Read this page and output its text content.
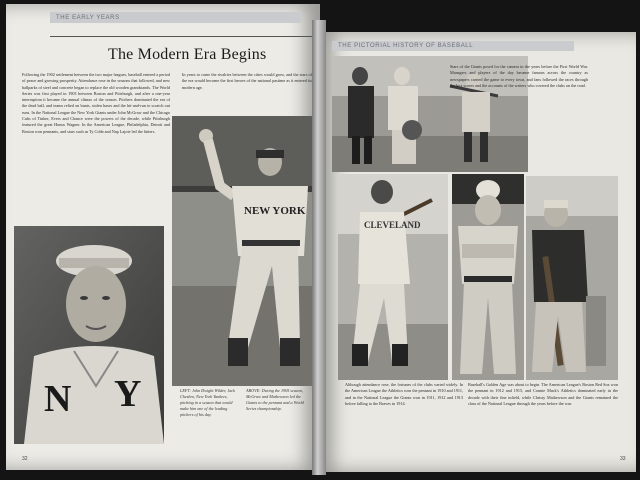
THE EARLY YEARS
THE PICTORIAL HISTORY OF BASEBALL
The Modern Era Begins
Following the 1902 settlement between the two major leagues, baseball entered a period of peace and growing prosperity. Attendance rose in the seasons that followed, and new ballparks of steel and concrete began to replace the old wooden grandstands. The World Series was first played in 1903 between Boston and Pittsburgh, and after a one-year interruption it became the annual climax of the season. Pitchers dominated the era of the dead ball, and teams relied on bunts, stolen bases and the hit-and-run to scratch out runs. In the National League the New York Giants under John McGraw and the Chicago Cubs of Tinker, Evers and Chance were the powers of the decade, while Pittsburgh featured the great Honus Wagner. In the American League, Philadelphia, Detroit and Boston won pennants, and stars such as Ty Cobb and Nap Lajoie led the hitters.
In years to come the rivalries between the cities would grow, and the stars of the era would become the first heroes of the national pastime as it entered its modern age.
N Y
NEW YORK
LEFT: John Dwight Wilder, Jack Chesbro, New York Yankees, pitching in a season that would make him one of the leading pitchers of his day.
ABOVE: During the 1905 season, McGraw and Mathewson led the Giants to the pennant and a World Series championship.
Stars of the Giants posed for the camera in the years before the First World War. Managers and players of the day became famous across the country as newspapers carried the game to every town, and fans followed the races through the box scores and the accounts of the writers who covered the clubs on the road.
CLEVELAND
Although attendance rose, the fortunes of the clubs varied widely. In the American League the Athletics won the pennant in 1910 and 1911, and in the National League the Giants won in 1911, 1912 and 1913 before falling to the Braves in 1914.
Baseball's Golden Age was about to begin. The American League's Boston Red Sox won the pennant in 1912 and 1915, and Connie Mack's Athletics dominated early in the decade with their fine infield, while Christy Mathewson and the Giants remained the class of the National League through the years before the war.
32	33
